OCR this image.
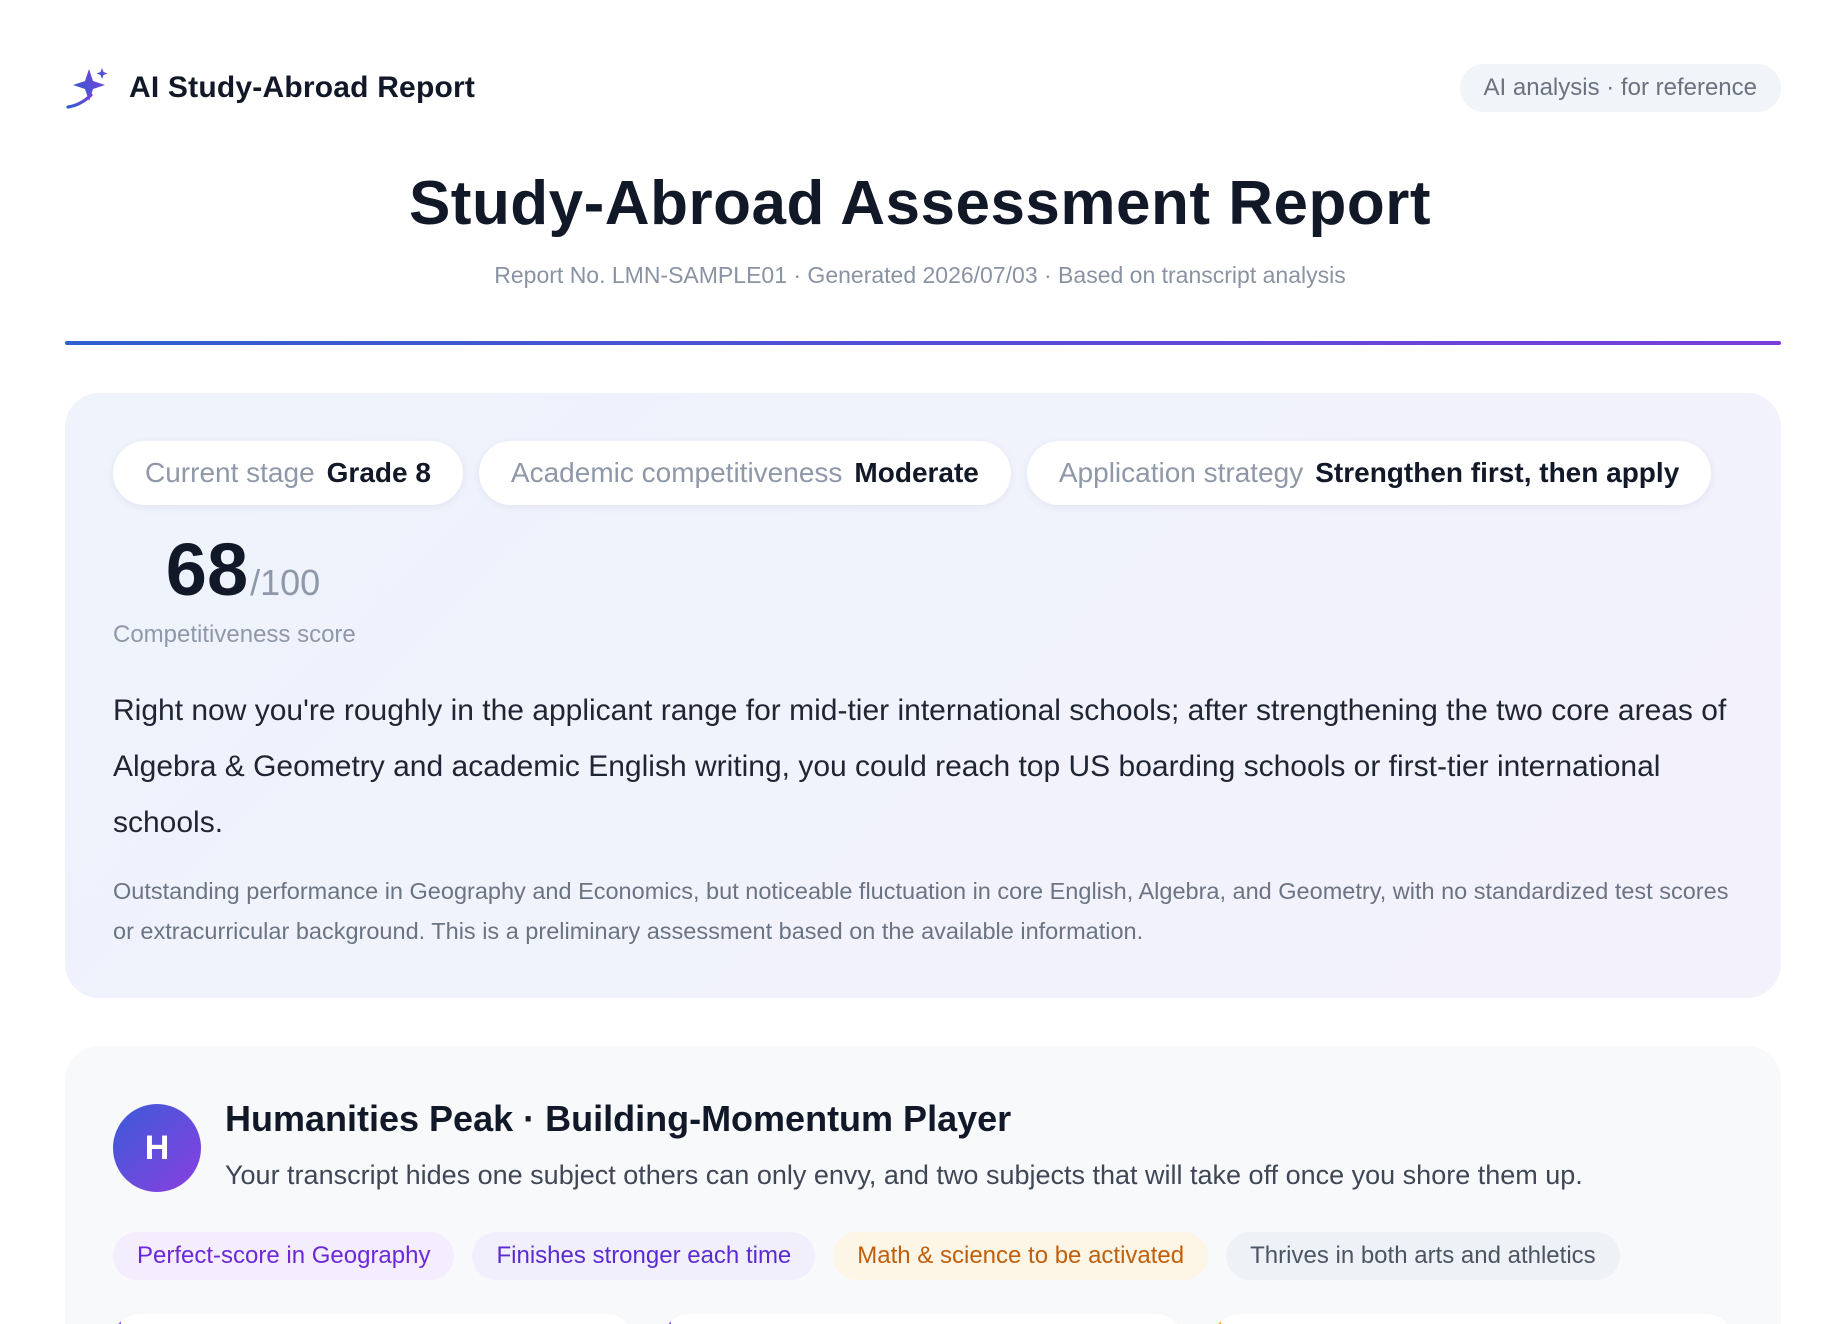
AI Study-Abroad Report	AI analysis · for reference
Study-Abroad Assessment Report
Report No. LMN-SAMPLE01 · Generated 2026/07/03 · Based on transcript analysis
Current stage Grade 8	Academic competitiveness Moderate	Application strategy Strengthen first, then apply
68 /100
Competitiveness score
Right now you're roughly in the applicant range for mid-tier international schools; after strengthening the two core areas of Algebra & Geometry and academic English writing, you could reach top US boarding schools or first-tier international schools.
Outstanding performance in Geography and Economics, but noticeable fluctuation in core English, Algebra, and Geometry, with no standardized test scores or extracurricular background. This is a preliminary assessment based on the available information.
H
Humanities Peak · Building-Momentum Player
Your transcript hides one subject others can only envy, and two subjects that will take off once you shore them up.
Perfect-score in Geography	Finishes stronger each time	Math & science to be activated	Thrives in both arts and athletics
